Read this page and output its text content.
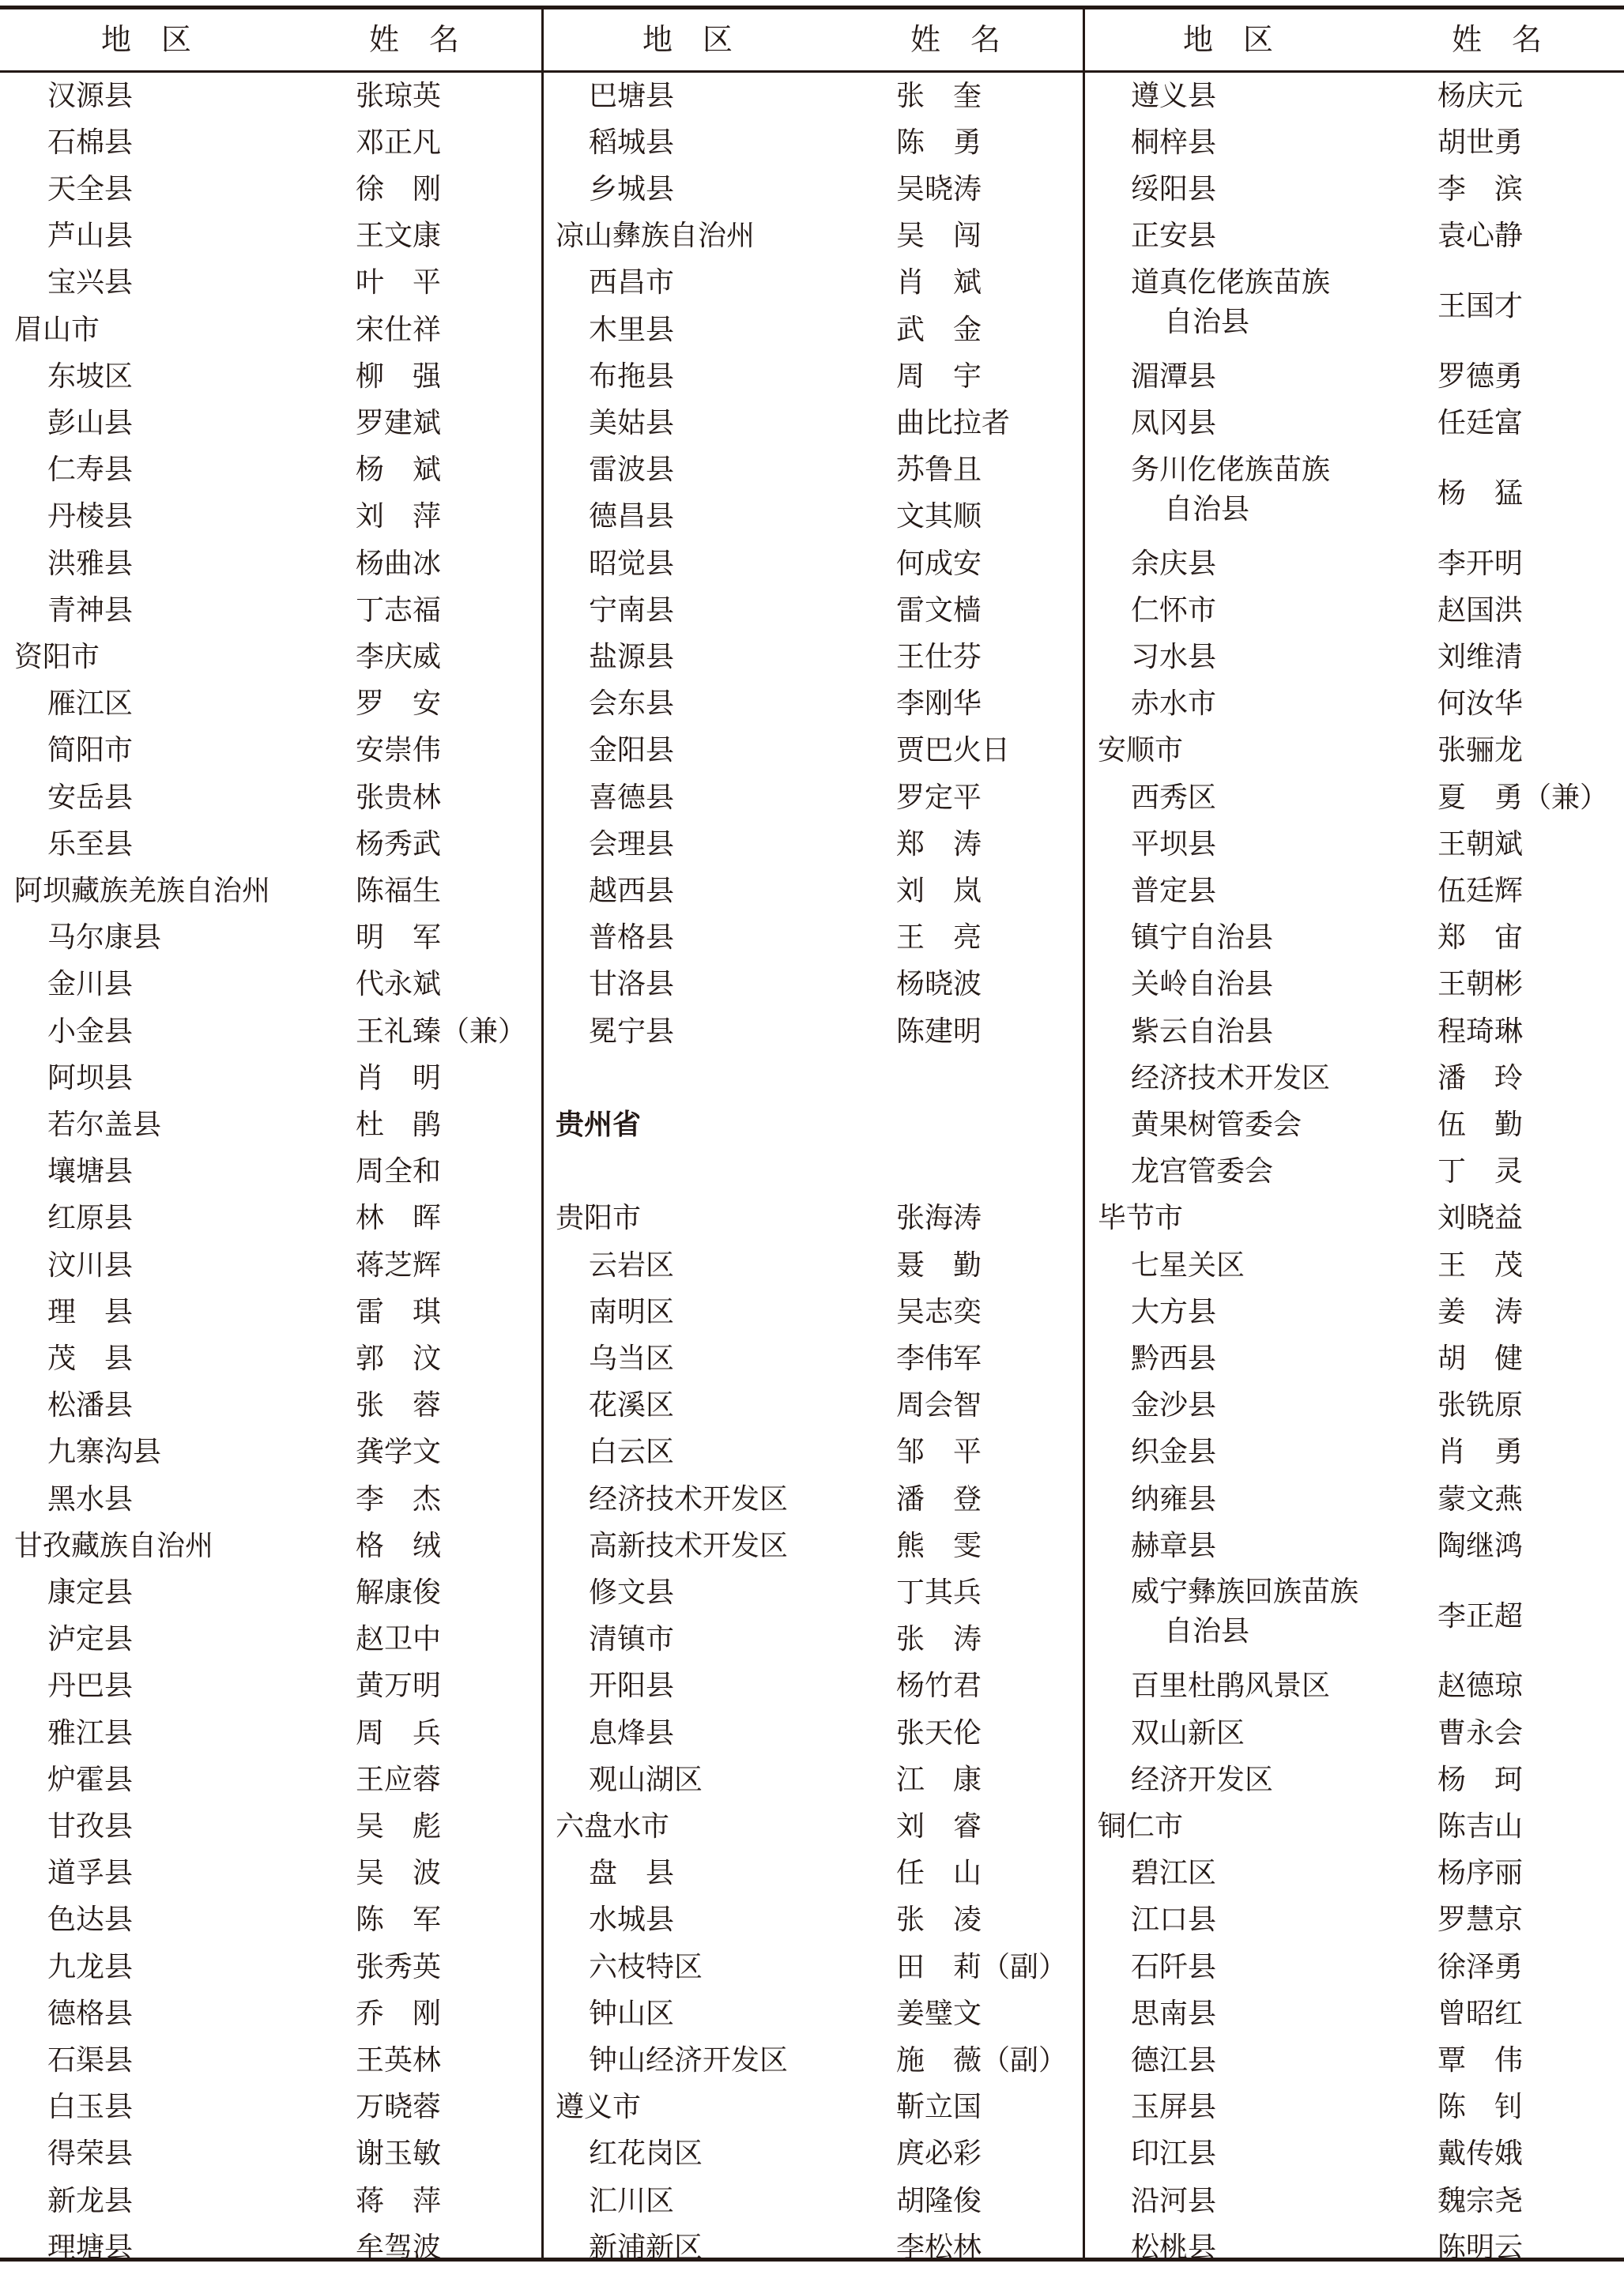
地　区	姓　名	地　区	姓　名	地　区	姓　名
汉源县	张琼英
石棉县	邓正凡
天全县	徐　刚
芦山县	王文康
宝兴县	叶　平
眉山市	宋仕祥
东坡区	柳　强
彭山县	罗建斌
仁寿县	杨　斌
丹棱县	刘　萍
洪雅县	杨曲冰
青神县	丁志福
资阳市	李庆威
雁江区	罗　安
简阳市	安崇伟
安岳县	张贵林
乐至县	杨秀武
阿坝藏族羌族自治州	陈福生
马尔康县	明　军
金川县	代永斌
小金县	王礼臻（兼）
阿坝县	肖　明
若尔盖县	杜　鹃
壤塘县	周全和
红原县	林　晖
汶川县	蒋芝辉
理　县	雷　琪
茂　县	郭　汶
松潘县	张　蓉
九寨沟县	龚学文
黑水县	李　杰
甘孜藏族自治州	格　绒
康定县	解康俊
泸定县	赵卫中
丹巴县	黄万明
雅江县	周　兵
炉霍县	王应蓉
甘孜县	吴　彪
道孚县	吴　波
色达县	陈　军
九龙县	张秀英
德格县	乔　刚
石渠县	王英林
白玉县	万晓蓉
得荣县	谢玉敏
新龙县	蒋　萍
理塘县	牟驾波
巴塘县	张　奎
稻城县	陈　勇
乡城县	吴晓涛
凉山彝族自治州	吴　闯
西昌市	肖　斌
木里县	武　金
布拖县	周　宇
美姑县	曲比拉者
雷波县	苏鲁且
德昌县	文其顺
昭觉县	何成安
宁南县	雷文樯
盐源县	王仕芬
会东县	李刚华
金阳县	贾巴火日
喜德县	罗定平
会理县	郑　涛
越西县	刘　岚
普格县	王　亮
甘洛县	杨晓波
冕宁县	陈建明
贵州省
贵阳市	张海涛
云岩区	聂　勤
南明区	吴志奕
乌当区	李伟军
花溪区	周会智
白云区	邹　平
经济技术开发区	潘　登
高新技术开发区	熊　雯
修文县	丁其兵
清镇市	张　涛
开阳县	杨竹君
息烽县	张天伦
观山湖区	江　康
六盘水市	刘　睿
盘　县	任　山
水城县	张　凌
六枝特区	田　莉（副）
钟山区	姜璧文
钟山经济开发区	施　薇（副）
遵义市	靳立国
红花岗区	庹必彩
汇川区	胡隆俊
新浦新区	李松林
遵义县	杨庆元
桐梓县	胡世勇
绥阳县	李　滨
正安县	袁心静
道真仡佬族苗族
自治县	王国才
湄潭县	罗德勇
凤冈县	任廷富
务川仡佬族苗族
自治县	杨　猛
余庆县	李开明
仁怀市	赵国洪
习水县	刘维清
赤水市	何汝华
安顺市	张骊龙
西秀区	夏　勇（兼）
平坝县	王朝斌
普定县	伍廷辉
镇宁自治县	郑　宙
关岭自治县	王朝彬
紫云自治县	程琦琳
经济技术开发区	潘　玲
黄果树管委会	伍　勤
龙宫管委会	丁　灵
毕节市	刘晓益
七星关区	王　茂
大方县	姜　涛
黔西县	胡　健
金沙县	张铣原
织金县	肖　勇
纳雍县	蒙文燕
赫章县	陶继鸿
威宁彝族回族苗族
自治县	李正超
百里杜鹃风景区	赵德琼
双山新区	曹永会
经济开发区	杨　珂
铜仁市	陈吉山
碧江区	杨序丽
江口县	罗慧京
石阡县	徐泽勇
思南县	曾昭红
德江县	覃　伟
玉屏县	陈　钊
印江县	戴传娥
沿河县	魏宗尧
松桃县	陈明云
